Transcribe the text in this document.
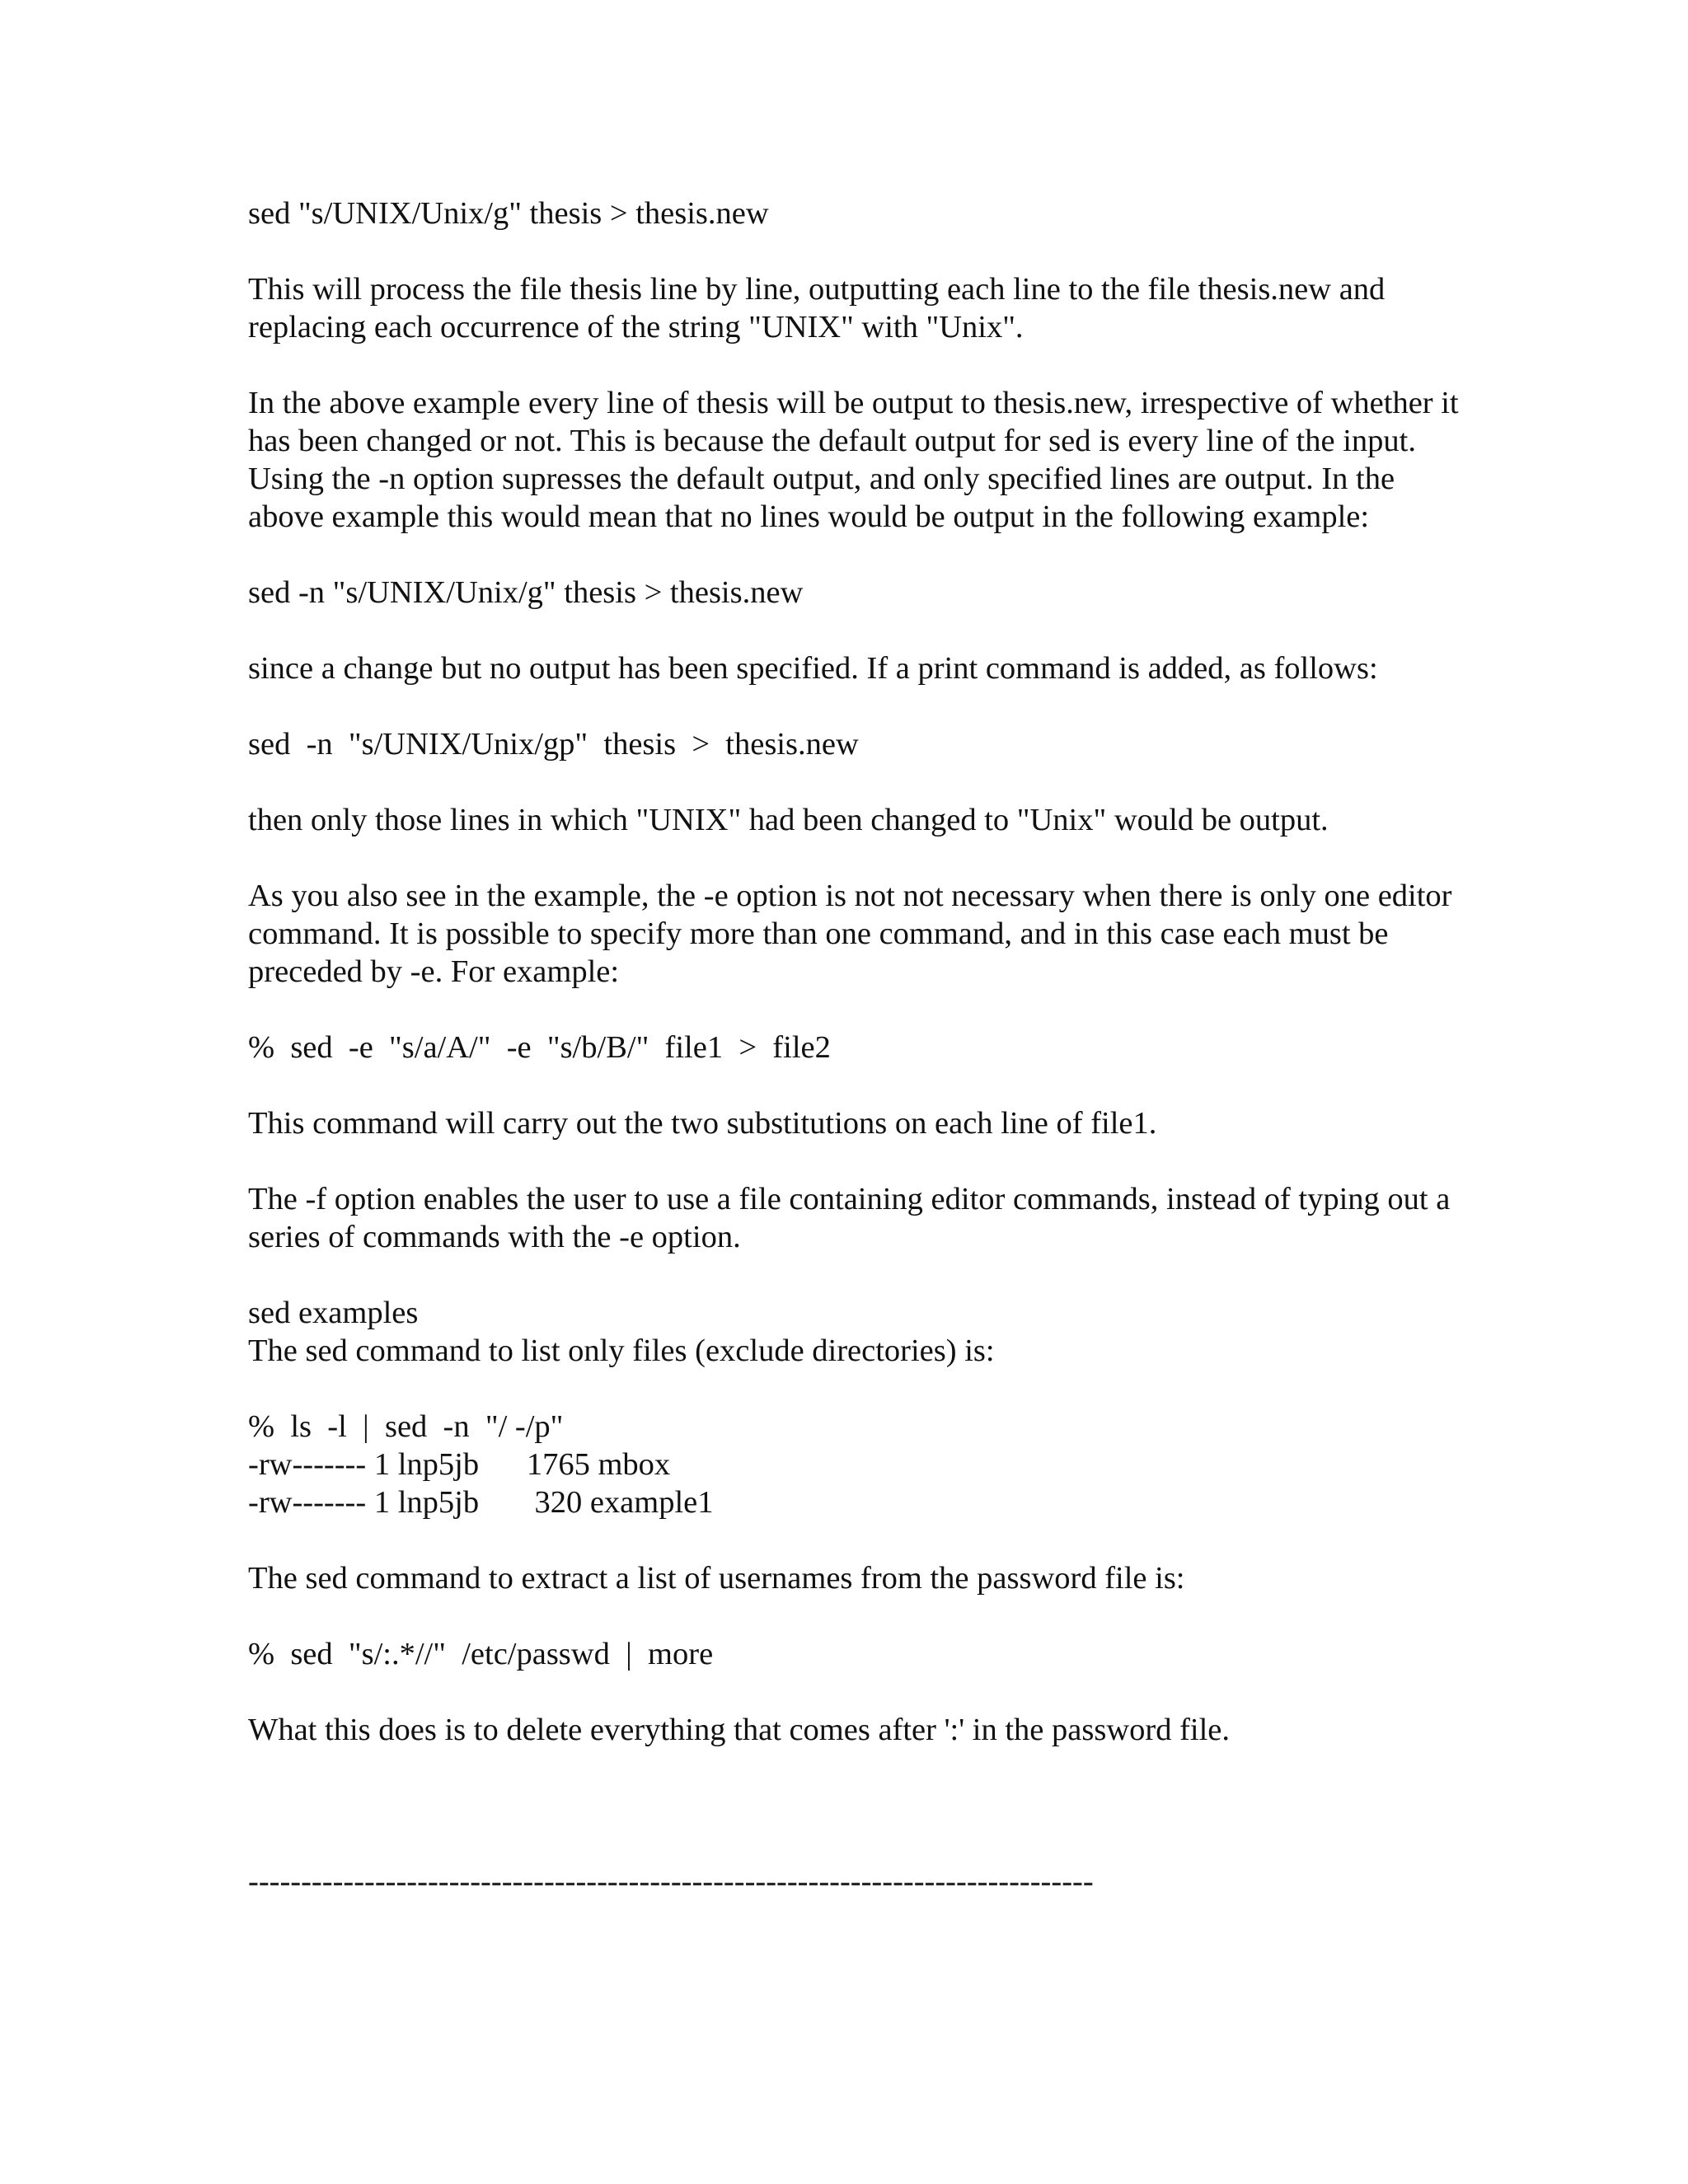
sed "s/UNIX/Unix/g" thesis > thesis.new

This will process the file thesis line by line, outputting each line to the file thesis.new and replacing each occurrence of the string "UNIX" with "Unix".

In the above example every line of thesis will be output to thesis.new, irrespective of whether it has been changed or not. This is because the default output for sed is every line of the input. Using the -n option supresses the default output, and only specified lines are output. In the above example this would mean that no lines would be output in the following example:

sed -n "s/UNIX/Unix/g" thesis > thesis.new

since a change but no output has been specified. If a print command is added, as follows:

sed  -n  "s/UNIX/Unix/gp"  thesis  >  thesis.new

then only those lines in which "UNIX" had been changed to "Unix" would be output.

As you also see in the example, the -e option is not not necessary when there is only one editor command. It is possible to specify more than one command, and in this case each must be preceded by -e. For example:

%  sed  -e  "s/a/A/"  -e  "s/b/B/"  file1  >  file2

This command will carry out the two substitutions on each line of file1.

The -f option enables the user to use a file containing editor commands, instead of typing out a series of commands with the -e option.

sed examples

The sed command to list only files (exclude directories) is:

%  ls  -l  |  sed  -n  "/ -/p"

-rw------- 1 lnp5jb      1765 mbox

-rw------- 1 lnp5jb       320 example1

The sed command to extract a list of usernames from the password file is:

%  sed  "s/:.*//"  /etc/passwd  |  more

What this does is to delete everything that comes after ':' in the password file.

--------------------------------------------------------------------------------
